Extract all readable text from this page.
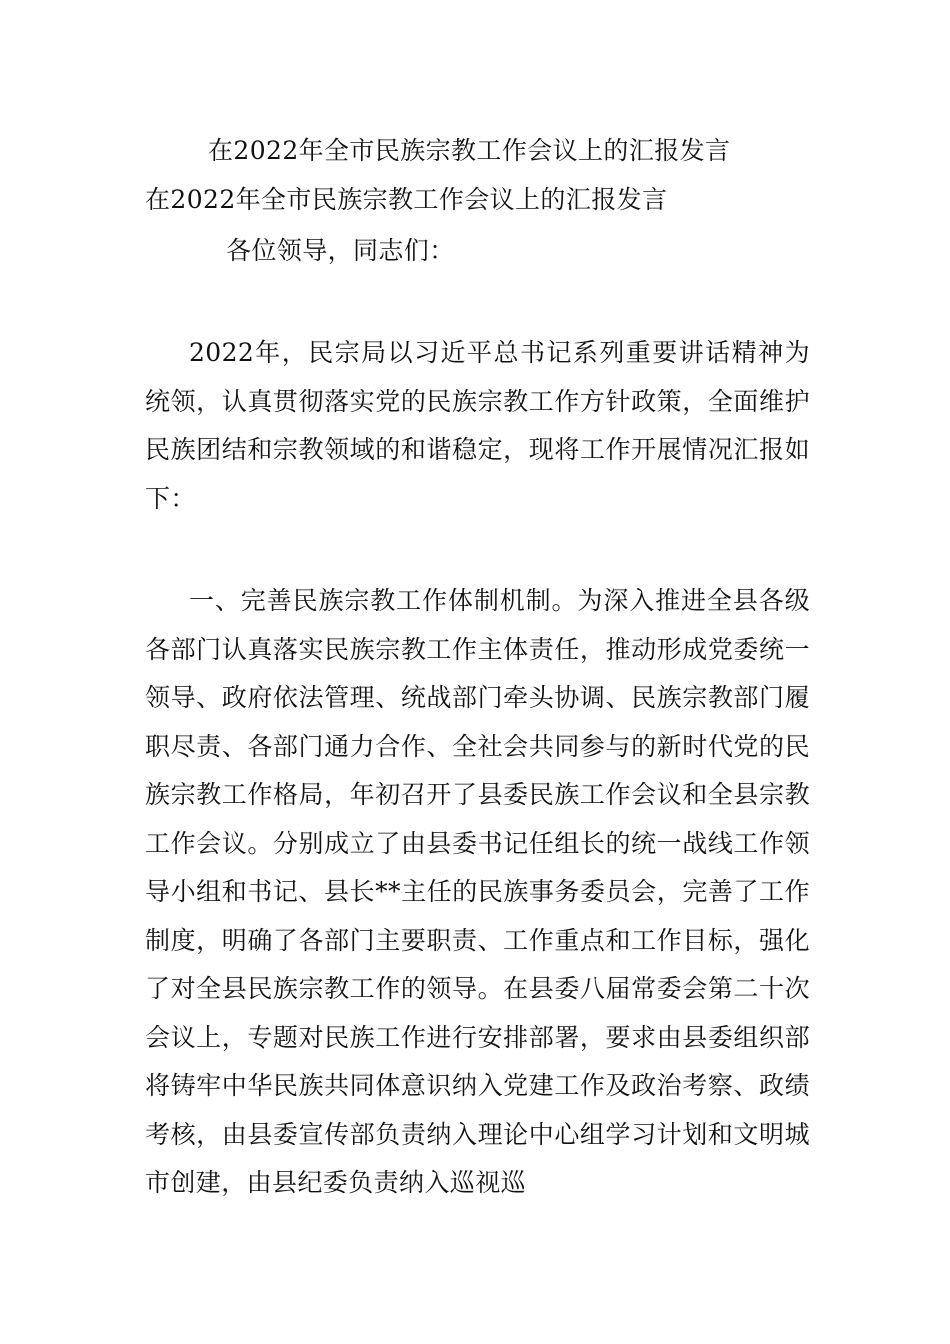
在2022年全市民族宗教工作会议上的汇报发言
在2022年全市民族宗教工作会议上的汇报发言
各位领导，同志们：
2022年，民宗局以习近平总书记系列重要讲话精神为统领，认真贯彻落实党的民族宗教工作方针政策，全面维护民族团结和宗教领域的和谐稳定，现将工作开展情况汇报如下：
一、完善民族宗教工作体制机制。为深入推进全县各级各部门认真落实民族宗教工作主体责任，推动形成党委统一领导、政府依法管理、统战部门牵头协调、民族宗教部门履职尽责、各部门通力合作、全社会共同参与的新时代党的民族宗教工作格局，年初召开了县委民族工作会议和全县宗教工作会议。分别成立了由县委书记任组长的统一战线工作领导小组和书记、县长**主任的民族事务委员会，完善了工作制度，明确了各部门主要职责、工作重点和工作目标，强化了对全县民族宗教工作的领导。在县委八届常委会第二十次会议上，专题对民族工作进行安排部署，要求由县委组织部将铸牢中华民族共同体意识纳入党建工作及政治考察、政绩考核，由县委宣传部负责纳入理论中心组学习计划和文明城市创建，由县纪委负责纳入巡视巡
